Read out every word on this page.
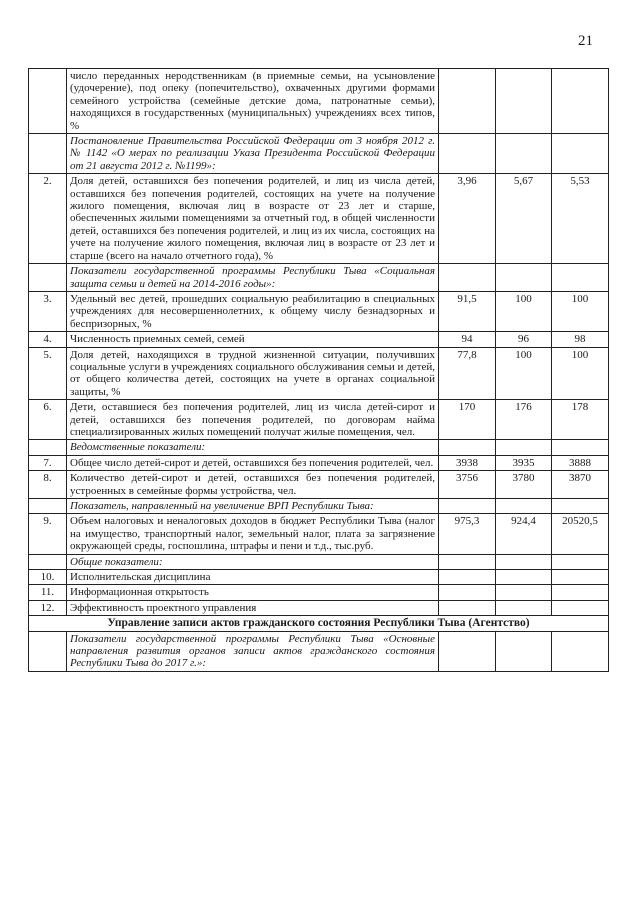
21
	число переданных неродственникам (в приемные семьи, на усыновление (удочерение), под опеку (попечительство), охваченных другими формами семейного устройства (семейные детские дома, патронатные семьи), находящихся в государственных (муниципальных) учреждениях всех типов, %			
	Постановление Правительства Российской Федерации от 3 ноября 2012 г. № 1142 «О мерах по реализации Указа Президента Российской Федерации от 21 августа 2012 г. №1199»:			
2.	Доля детей, оставшихся без попечения родителей, и лиц из числа детей, оставшихся без попечения родителей, состоящих на учете на получение жилого помещения, включая лиц в возрасте от 23 лет и старше, обеспеченных жилыми помещениями за отчетный год, в общей численности детей, оставшихся без попечения родителей, и лиц из их числа, состоящих на учете на получение жилого помещения, включая лиц в возрасте от 23 лет и старше (всего на начало отчетного года), %	3,96	5,67	5,53
	Показатели государственной программы Республики Тыва «Социальная защита семьи и детей на 2014-2016 годы»:			
3.	Удельный вес детей, прошедших социальную реабилитацию в специальных учреждениях для несовершеннолетних, к общему числу безнадзорных и беспризорных, %	91,5	100	100
4.	Численность приемных семей, семей	94	96	98
5.	Доля детей, находящихся в трудной жизненной ситуации, получивших социальные услуги в учреждениях социального обслуживания семьи и детей, от общего количества детей, состоящих на учете в органах социальной защиты, %	77,8	100	100
6.	Дети, оставшиеся без попечения родителей, лиц из числа детей-сирот и детей, оставшихся без попечения родителей, по договорам найма специализированных жилых помещений получат жилые помещения, чел.	170	176	178
	Ведомственные показатели:			
7.	Общее число детей-сирот и детей, оставшихся без попечения родителей, чел.	3938	3935	3888
8.	Количество детей-сирот и детей, оставшихся без попечения родителей, устроенных в семейные формы устройства, чел.	3756	3780	3870
	Показатель, направленный на увеличение ВРП Республики Тыва:			
9.	Объем налоговых и неналоговых доходов в бюджет Республики Тыва (налог на имущество, транспортный налог, земельный налог, плата за загрязнение окружающей среды, госпошлина, штрафы и пени и т.д., тыс.руб.	975,3	924,4	20520,5
	Общие показатели:			
10.	Исполнительская дисциплина			
11.	Информационная открытость			
12.	Эффективность проектного управления			
Управление записи актов гражданского состояния Республики Тыва (Агентство)				
	Показатели государственной программы Республики Тыва «Основные направления развития органов записи актов гражданского состояния Республики Тыва до 2017 г.»:			
